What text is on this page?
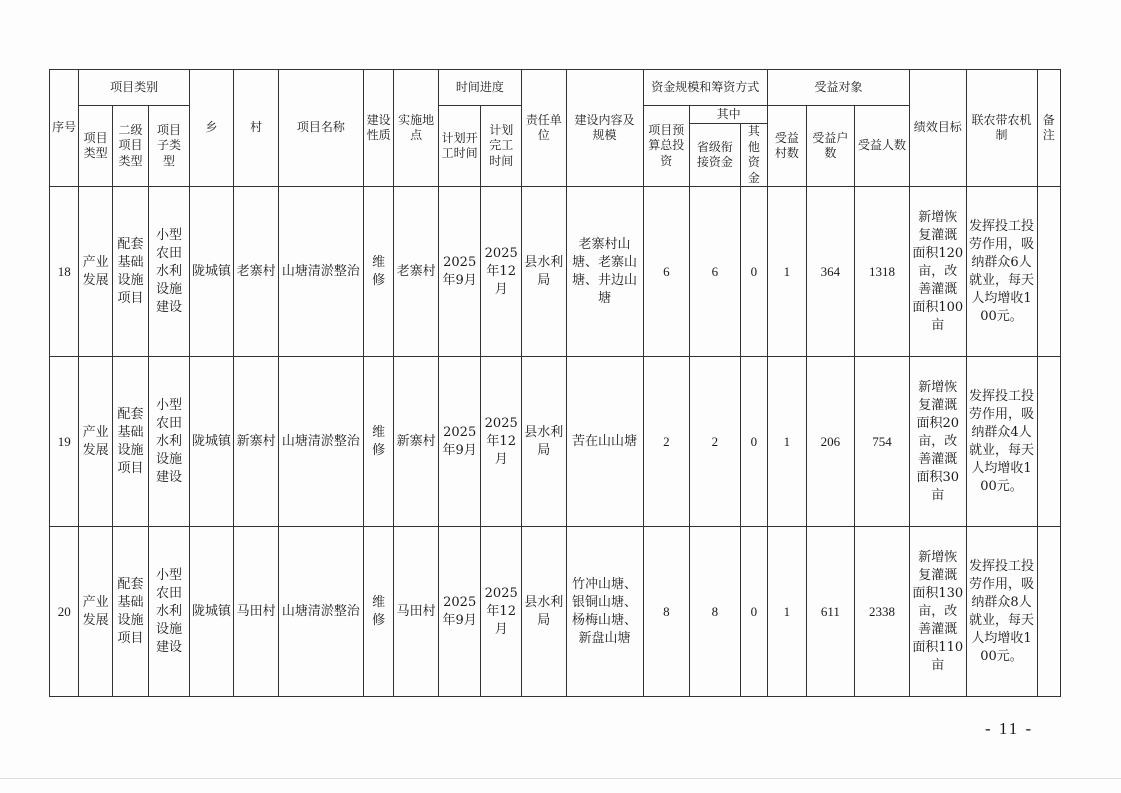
序号	项目类别			乡	村	项目名称	建设性质	实施地点	时间进度		责任单位	建设内容及规模	资金规模和筹资方式			受益对象			绩效目标	联农带农机制	备注
	项目类型	二级项目类型	项目子类型						计划开工时间	计划完工时间			项目预算总投资	其中		受益村数	受益户数	受益人数			
														省级衔接资金	其他资金						
18	产业发展	配套基础设施项目	小型农田水利设施建设	陇城镇	老寨村	山塘清淤整治	维修	老寨村	2025年9月	2025年12月	县水利局	老寨村山塘、老寨山塘、井边山塘	6	6	0	1	364	1318	新增恢复灌溉面积120亩，改善灌溉面积100亩	发挥投工投劳作用，吸纳群众6人就业，每天人均增收100元。	
19	产业发展	配套基础设施项目	小型农田水利设施建设	陇城镇	新寨村	山塘清淤整治	维修	新寨村	2025年9月	2025年12月	县水利局	苦在山山塘	2	2	0	1	206	754	新增恢复灌溉面积20亩，改善灌溉面积30亩	发挥投工投劳作用，吸纳群众4人就业，每天人均增收100元。	
20	产业发展	配套基础设施项目	小型农田水利设施建设	陇城镇	马田村	山塘清淤整治	维修	马田村	2025年9月	2025年12月	县水利局	竹冲山塘、银铜山塘、杨梅山塘、新盘山塘	8	8	0	1	611	2338	新增恢复灌溉面积130亩，改善灌溉面积110亩	发挥投工投劳作用，吸纳群众8人就业，每天人均增收100元。	
- 11 -
